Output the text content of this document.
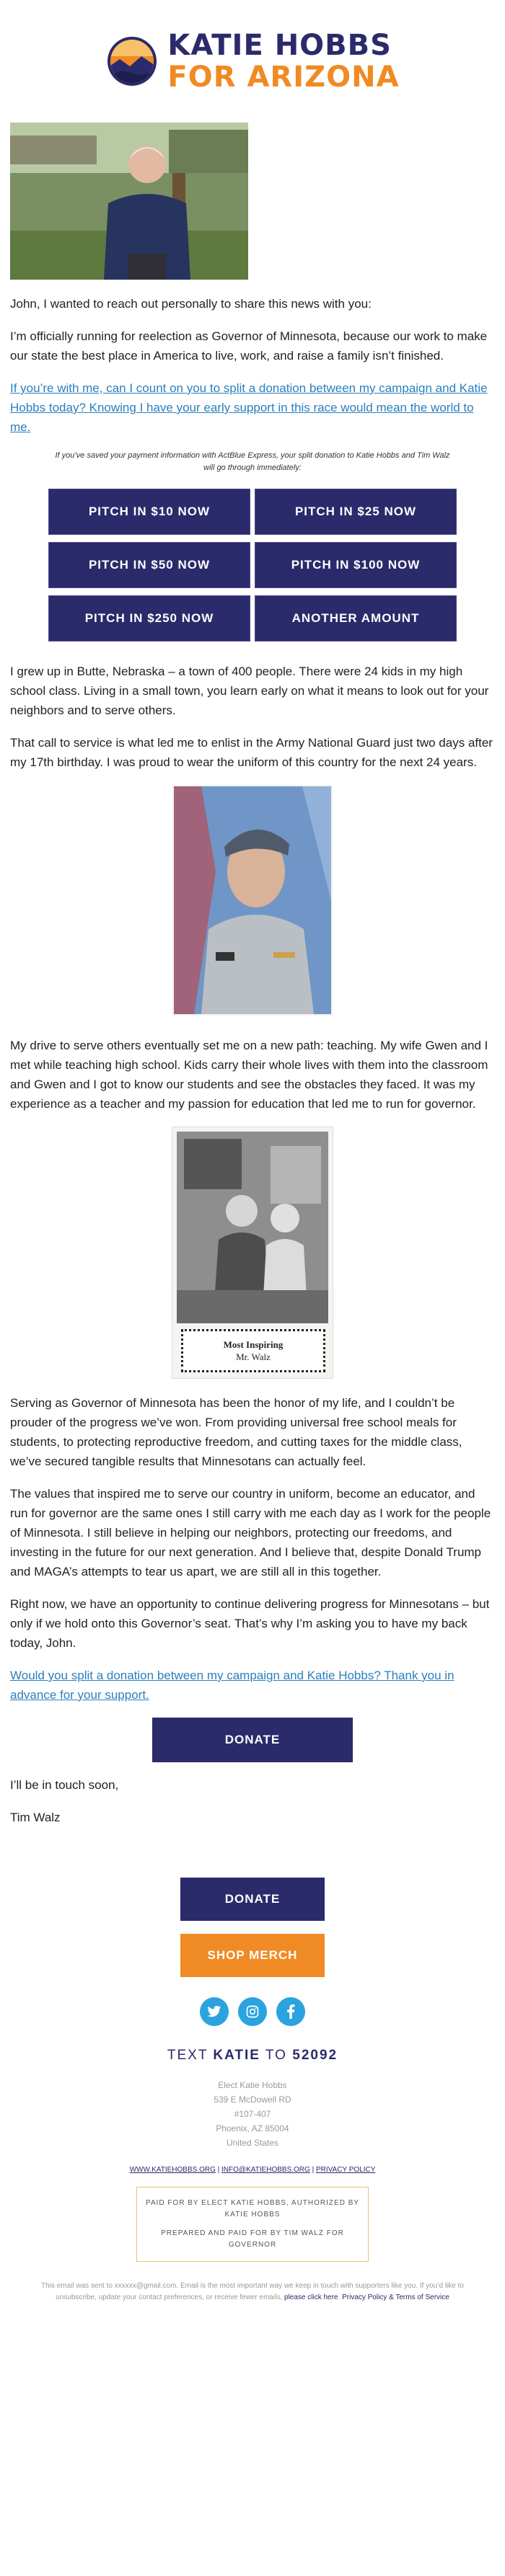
KATIE HOBBS
FOR ARIZONA

John, I wanted to reach out personally to share this news with you:

I’m officially running for reelection as Governor of Minnesota, because our work to make our state the best place in America to live, work, and raise a family isn’t finished.

If you’re with me, can I count on you to split a donation between my campaign and Katie Hobbs today? Knowing I have your early support in this race would mean the world to me.

If you’ve saved your payment information with ActBlue Express, your split donation to Katie Hobbs and Tim Walz will go through immediately:
PITCH IN $10 NOW	PITCH IN $25 NOW
PITCH IN $50 NOW	PITCH IN $100 NOW
PITCH IN $250 NOW	ANOTHER AMOUNT

I grew up in Butte, Nebraska – a town of 400 people. There were 24 kids in my high school class. Living in a small town, you learn early on what it means to look out for your neighbors and to serve others.

That call to service is what led me to enlist in the Army National Guard just two days after my 17th birthday. I was proud to wear the uniform of this country for the next 24 years.

My drive to serve others eventually set me on a new path: teaching. My wife Gwen and I met while teaching high school. Kids carry their whole lives with them into the classroom and Gwen and I got to know our students and see the obstacles they faced. It was my experience as a teacher and my passion for education that led me to run for governor.

Most Inspiring
Mr. Walz

Serving as Governor of Minnesota has been the honor of my life, and I couldn’t be prouder of the progress we’ve won. From providing universal free school meals for students, to protecting reproductive freedom, and cutting taxes for the middle class, we’ve secured tangible results that Minnesotans can actually feel.

The values that inspired me to serve our country in uniform, become an educator, and run for governor are the same ones I still carry with me each day as I work for the people of Minnesota. I still believe in helping our neighbors, protecting our freedoms, and investing in the future for our next generation. And I believe that, despite Donald Trump and MAGA’s attempts to tear us apart, we are still all in this together.

Right now, we have an opportunity to continue delivering progress for Minnesotans – but only if we hold onto this Governor’s seat. That’s why I’m asking you to have my back today, John.

Would you split a donation between my campaign and Katie Hobbs? Thank you in advance for your support.

DONATE

I’ll be in touch soon,

Tim Walz

DONATE
SHOP MERCH
TEXT KATIE TO 52092
Elect Katie Hobbs
539 E McDowell RD
#107-407
Phoenix, AZ 85004
United States
WWW.KATIEHOBBS.ORG | INFO@KATIEHOBBS.ORG | PRIVACY POLICY
PAID FOR BY ELECT KATIE HOBBS, AUTHORIZED BY KATIE HOBBS
PREPARED AND PAID FOR BY TIM WALZ FOR GOVERNOR
This email was sent to xxxxxx@gmail.com. Email is the most important way we keep in touch with supporters like you. If you’d like to unsubscribe, update your contact preferences, or receive fewer emails, please click here. Privacy Policy & Terms of Service
